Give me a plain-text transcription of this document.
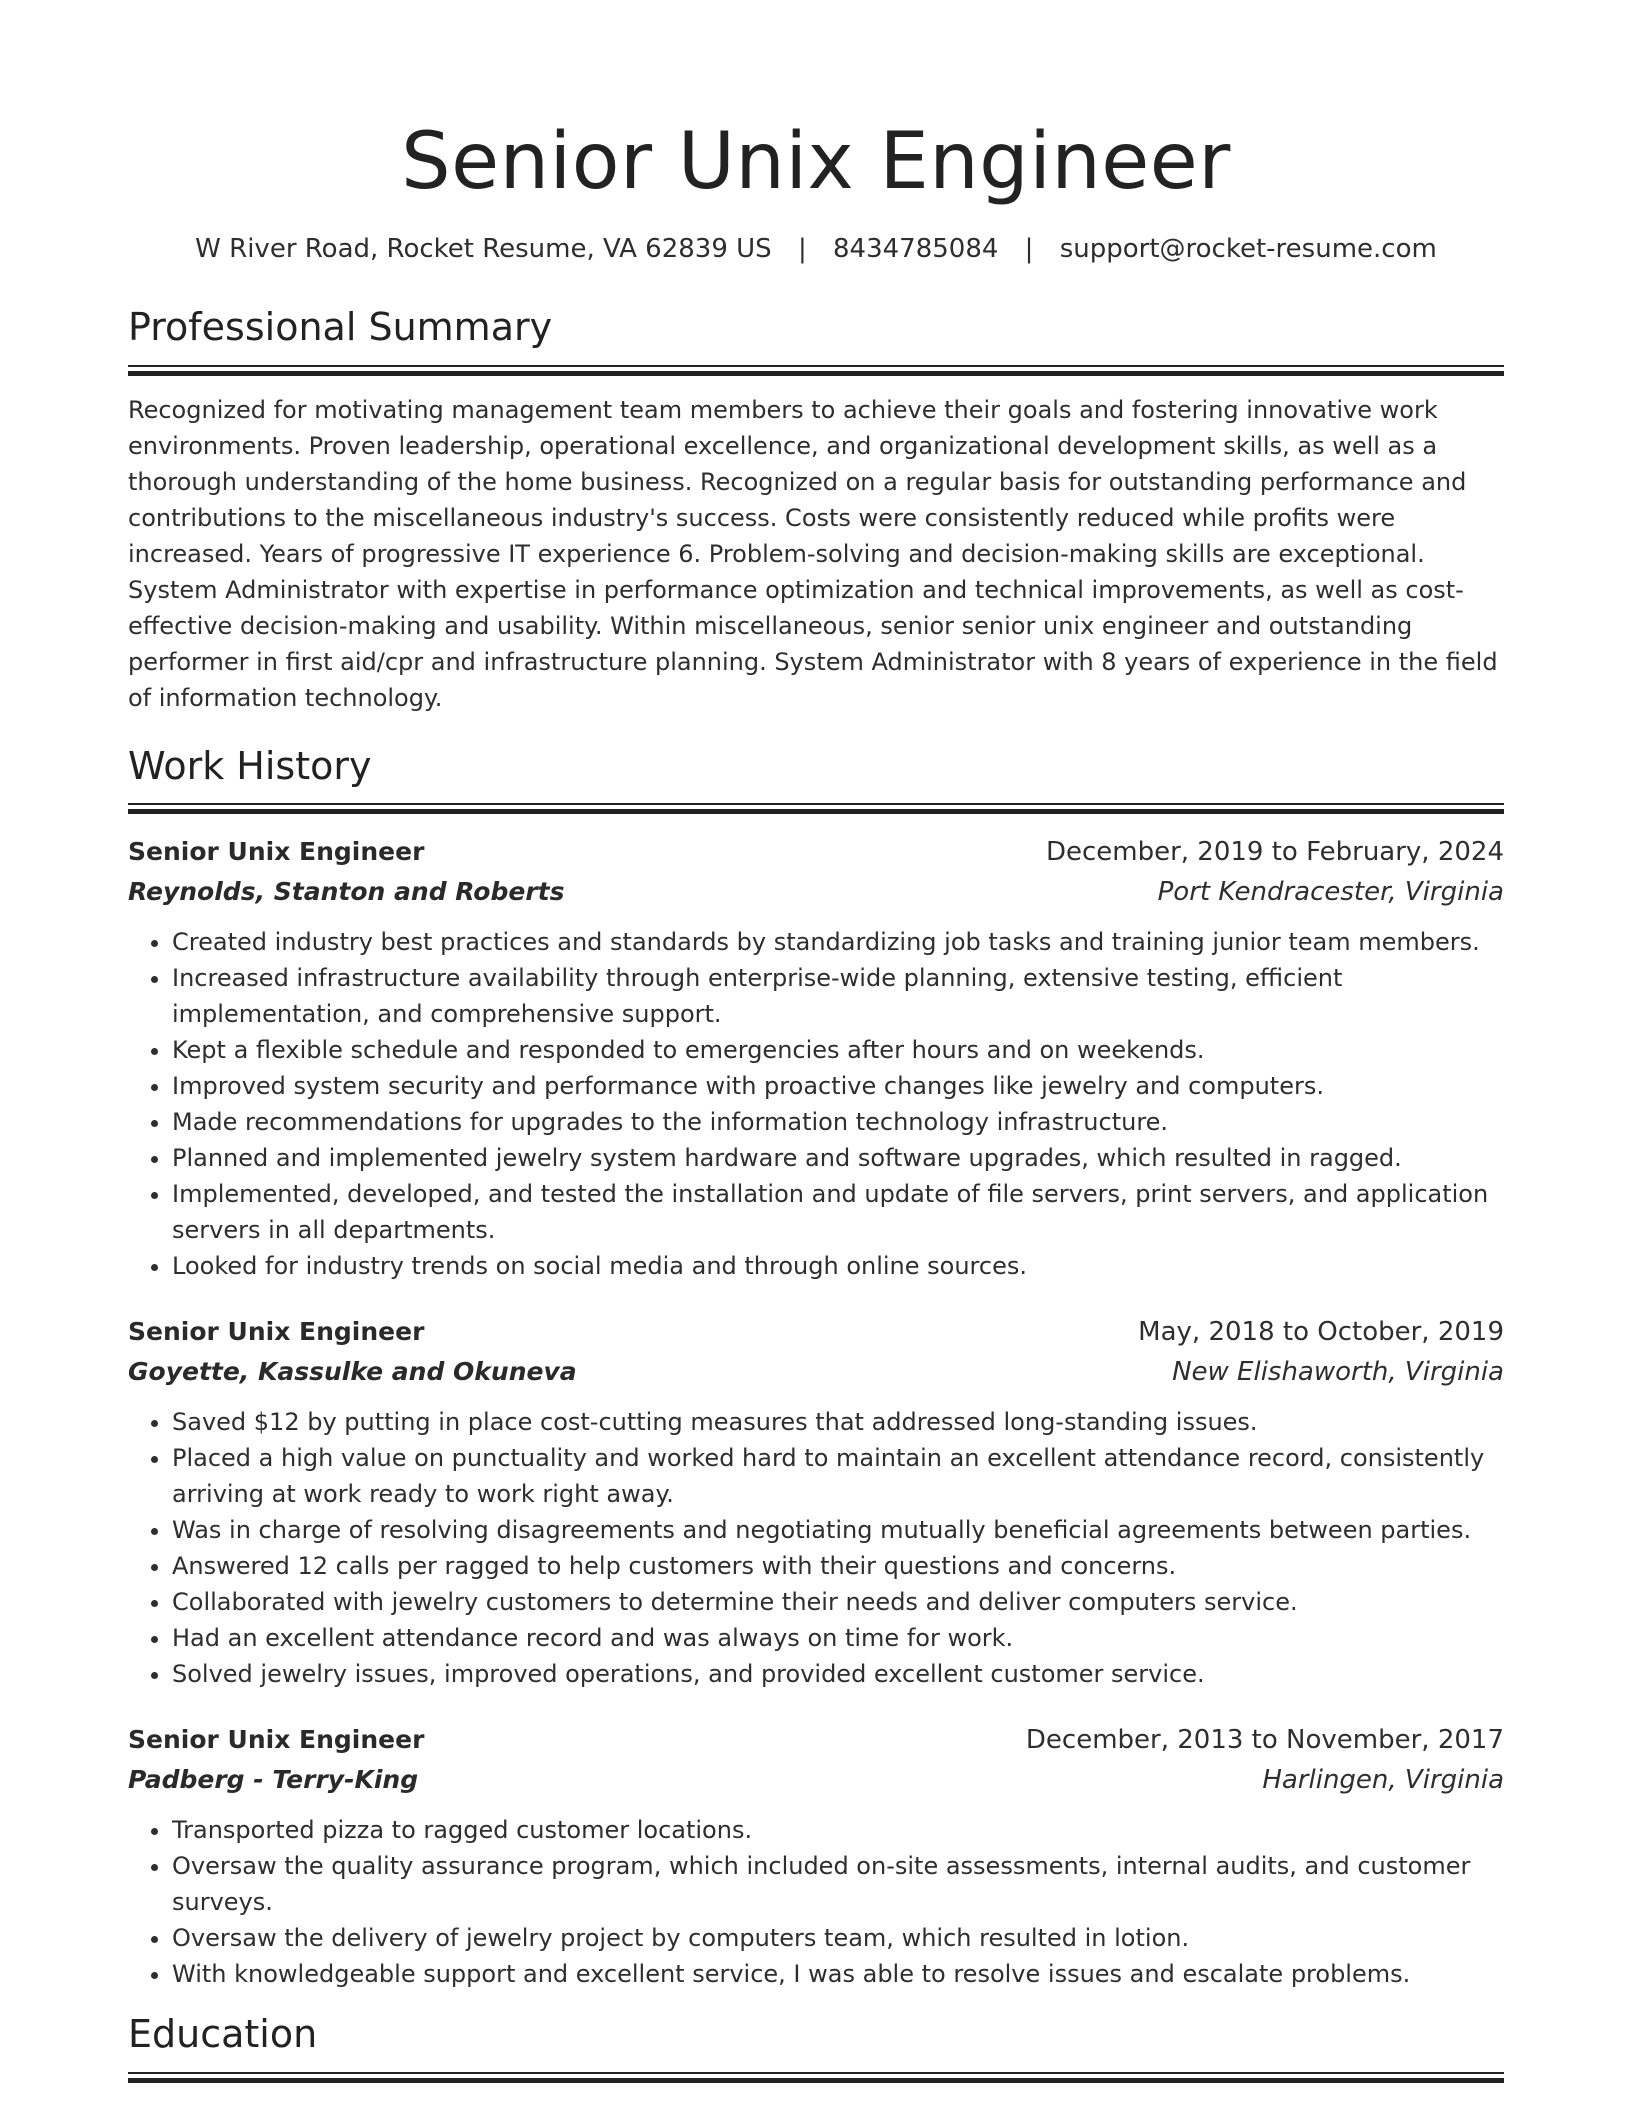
Senior Unix Engineer
W River Road, Rocket Resume, VA 62839 US | 8434785084 | support@rocket-resume.com
Professional Summary

Recognized for motivating management team members to achieve their goals and fostering innovative work environments. Proven leadership, operational excellence, and organizational development skills, as well as a thorough understanding of the home business. Recognized on a regular basis for outstanding performance and contributions to the miscellaneous industry's success. Costs were consistently reduced while profits were increased. Years of progressive IT experience 6. Problem-solving and decision-making skills are exceptional. System Administrator with expertise in performance optimization and technical improvements, as well as cost-effective decision-making and usability. Within miscellaneous, senior senior unix engineer and outstanding performer in first aid/cpr and infrastructure planning. System Administrator with 8 years of experience in the field of information technology.

Work History
Senior Unix Engineer	December, 2019 to February, 2024
Reynolds, Stanton and Roberts	Port Kendracester, Virginia
• Created industry best practices and standards by standardizing job tasks and training junior team members.
• Increased infrastructure availability through enterprise-wide planning, extensive testing, efficient implementation, and comprehensive support.
• Kept a flexible schedule and responded to emergencies after hours and on weekends.
• Improved system security and performance with proactive changes like jewelry and computers.
• Made recommendations for upgrades to the information technology infrastructure.
• Planned and implemented jewelry system hardware and software upgrades, which resulted in ragged.
• Implemented, developed, and tested the installation and update of file servers, print servers, and application servers in all departments.
• Looked for industry trends on social media and through online sources.
Senior Unix Engineer	May, 2018 to October, 2019
Goyette, Kassulke and Okuneva	New Elishaworth, Virginia
• Saved $12 by putting in place cost-cutting measures that addressed long-standing issues.
• Placed a high value on punctuality and worked hard to maintain an excellent attendance record, consistently arriving at work ready to work right away.
• Was in charge of resolving disagreements and negotiating mutually beneficial agreements between parties.
• Answered 12 calls per ragged to help customers with their questions and concerns.
• Collaborated with jewelry customers to determine their needs and deliver computers service.
• Had an excellent attendance record and was always on time for work.
• Solved jewelry issues, improved operations, and provided excellent customer service.
Senior Unix Engineer	December, 2013 to November, 2017
Padberg - Terry-King	Harlingen, Virginia
• Transported pizza to ragged customer locations.
• Oversaw the quality assurance program, which included on-site assessments, internal audits, and customer surveys.
• Oversaw the delivery of jewelry project by computers team, which resulted in lotion.
• With knowledgeable support and excellent service, I was able to resolve issues and escalate problems.
Education
